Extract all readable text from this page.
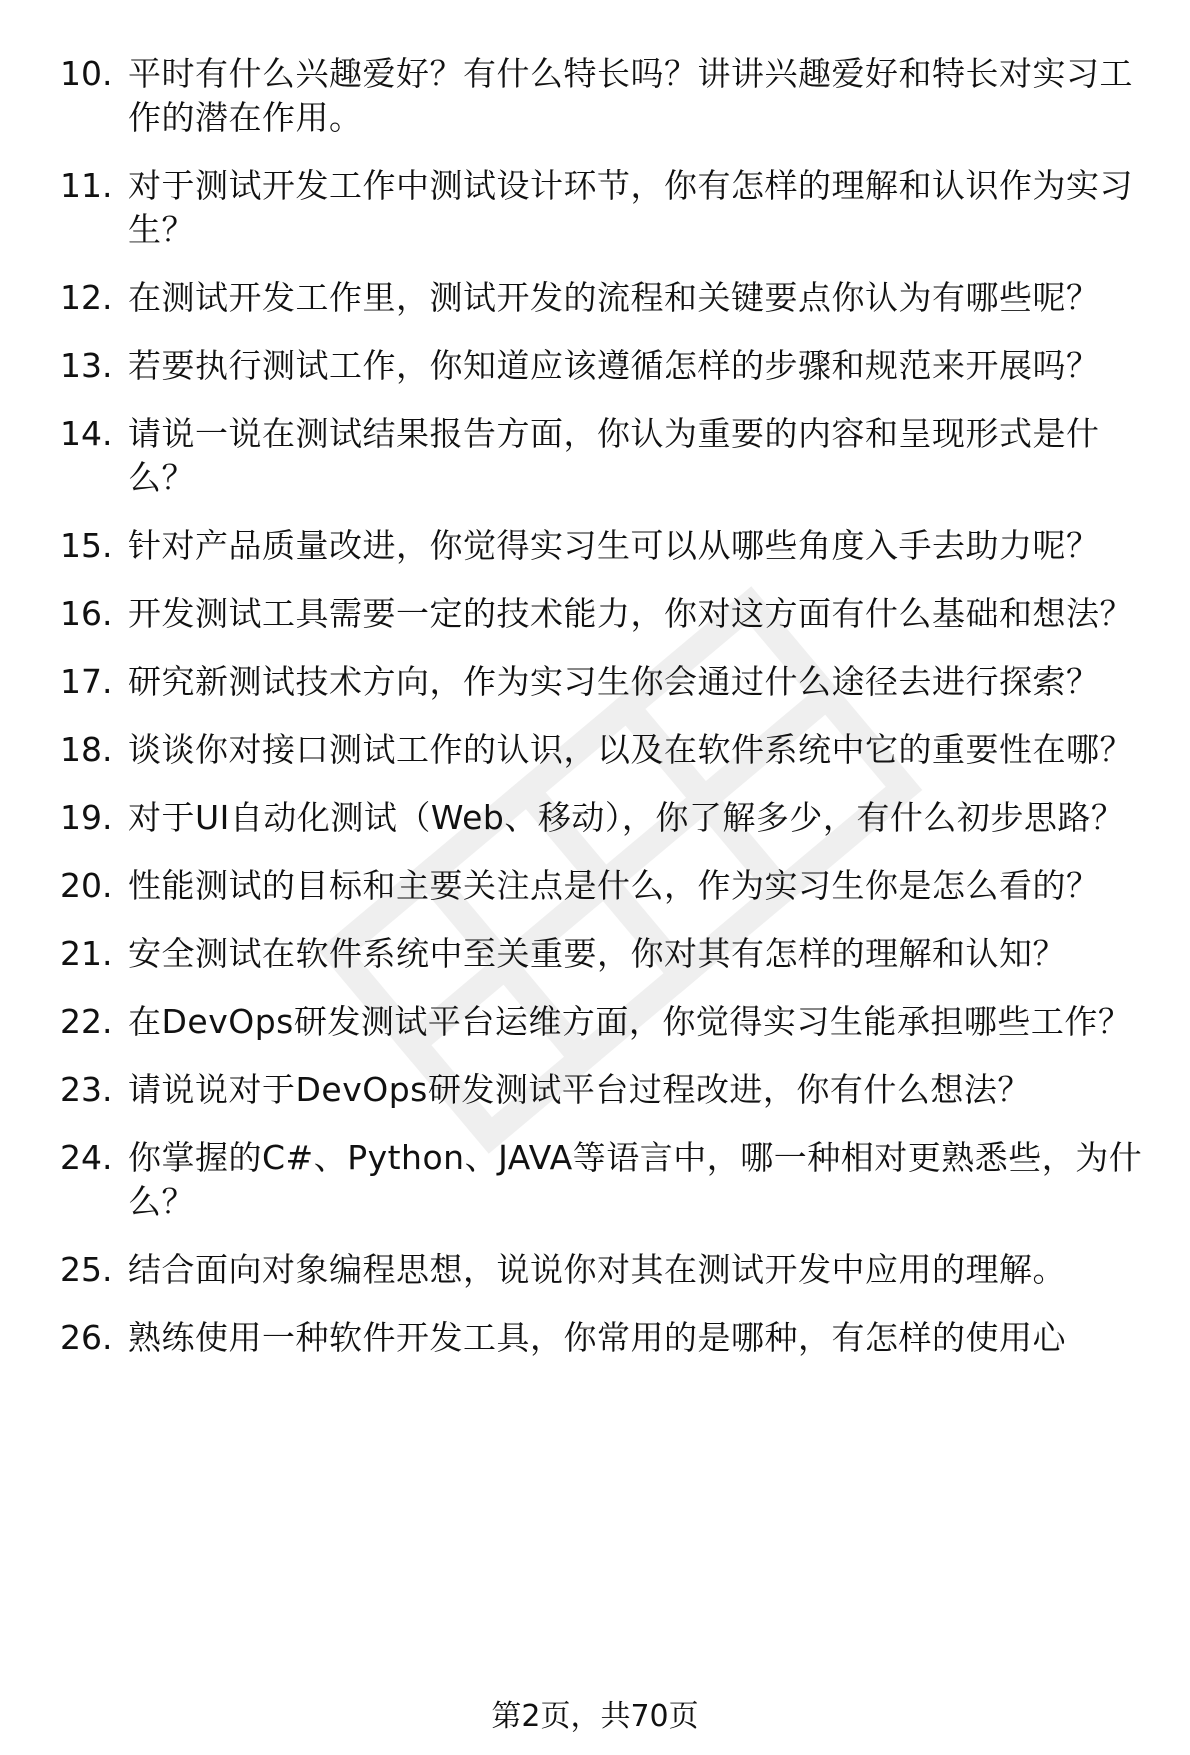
10. 平时有什么兴趣爱好？有什么特长吗？讲讲兴趣爱好和特长对实习工作的潜在作用。
11. 对于测试开发工作中测试设计环节，你有怎样的理解和认识作为实习生？
12. 在测试开发工作里，测试开发的流程和关键要点你认为有哪些呢？
13. 若要执行测试工作，你知道应该遵循怎样的步骤和规范来开展吗？
14. 请说一说在测试结果报告方面，你认为重要的内容和呈现形式是什么？
15. 针对产品质量改进，你觉得实习生可以从哪些角度入手去助力呢？
16. 开发测试工具需要一定的技术能力，你对这方面有什么基础和想法？
17. 研究新测试技术方向，作为实习生你会通过什么途径去进行探索？
18. 谈谈你对接口测试工作的认识，以及在软件系统中它的重要性在哪？
19. 对于UI自动化测试（Web、移动），你了解多少，有什么初步思路？
20. 性能测试的目标和主要关注点是什么，作为实习生你是怎么看的？
21. 安全测试在软件系统中至关重要，你对其有怎样的理解和认知？
22. 在DevOps研发测试平台运维方面，你觉得实习生能承担哪些工作？
23. 请说说对于DevOps研发测试平台过程改进，你有什么想法？
24. 你掌握的C#、Python、JAVA等语言中，哪一种相对更熟悉些，为什么？
25. 结合面向对象编程思想，说说你对其在测试开发中应用的理解。
26. 熟练使用一种软件开发工具，你常用的是哪种，有怎样的使用心
第2页，共70页
